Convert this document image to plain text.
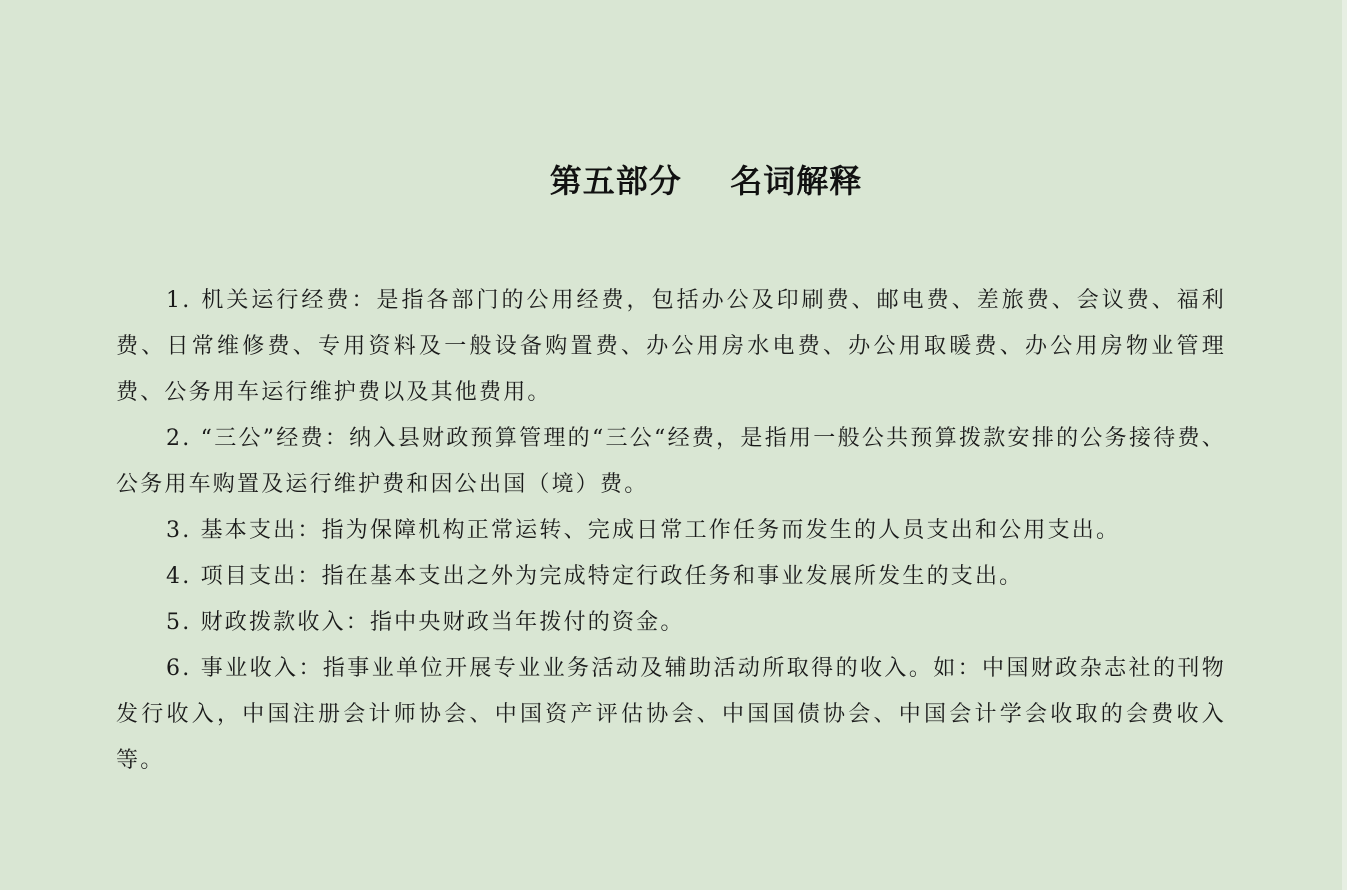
第五部分    名词解释

1. 机关运行经费：是指各部门的公用经费，包括办公及印刷费、邮电费、差旅费、会议费、福利费、日常维修费、专用资料及一般设备购置费、办公用房水电费、办公用取暖费、办公用房物业管理费、公务用车运行维护费以及其他费用。

2. “三公”经费：纳入县财政预算管理的“三公“经费，是指用一般公共预算拨款安排的公务接待费、公务用车购置及运行维护费和因公出国（境）费。

3. 基本支出：指为保障机构正常运转、完成日常工作任务而发生的人员支出和公用支出。

4. 项目支出：指在基本支出之外为完成特定行政任务和事业发展所发生的支出。

5. 财政拨款收入：指中央财政当年拨付的资金。

6. 事业收入：指事业单位开展专业业务活动及辅助活动所取得的收入。如：中国财政杂志社的刊物发行收入，中国注册会计师协会、中国资产评估协会、中国国债协会、中国会计学会收取的会费收入等。
